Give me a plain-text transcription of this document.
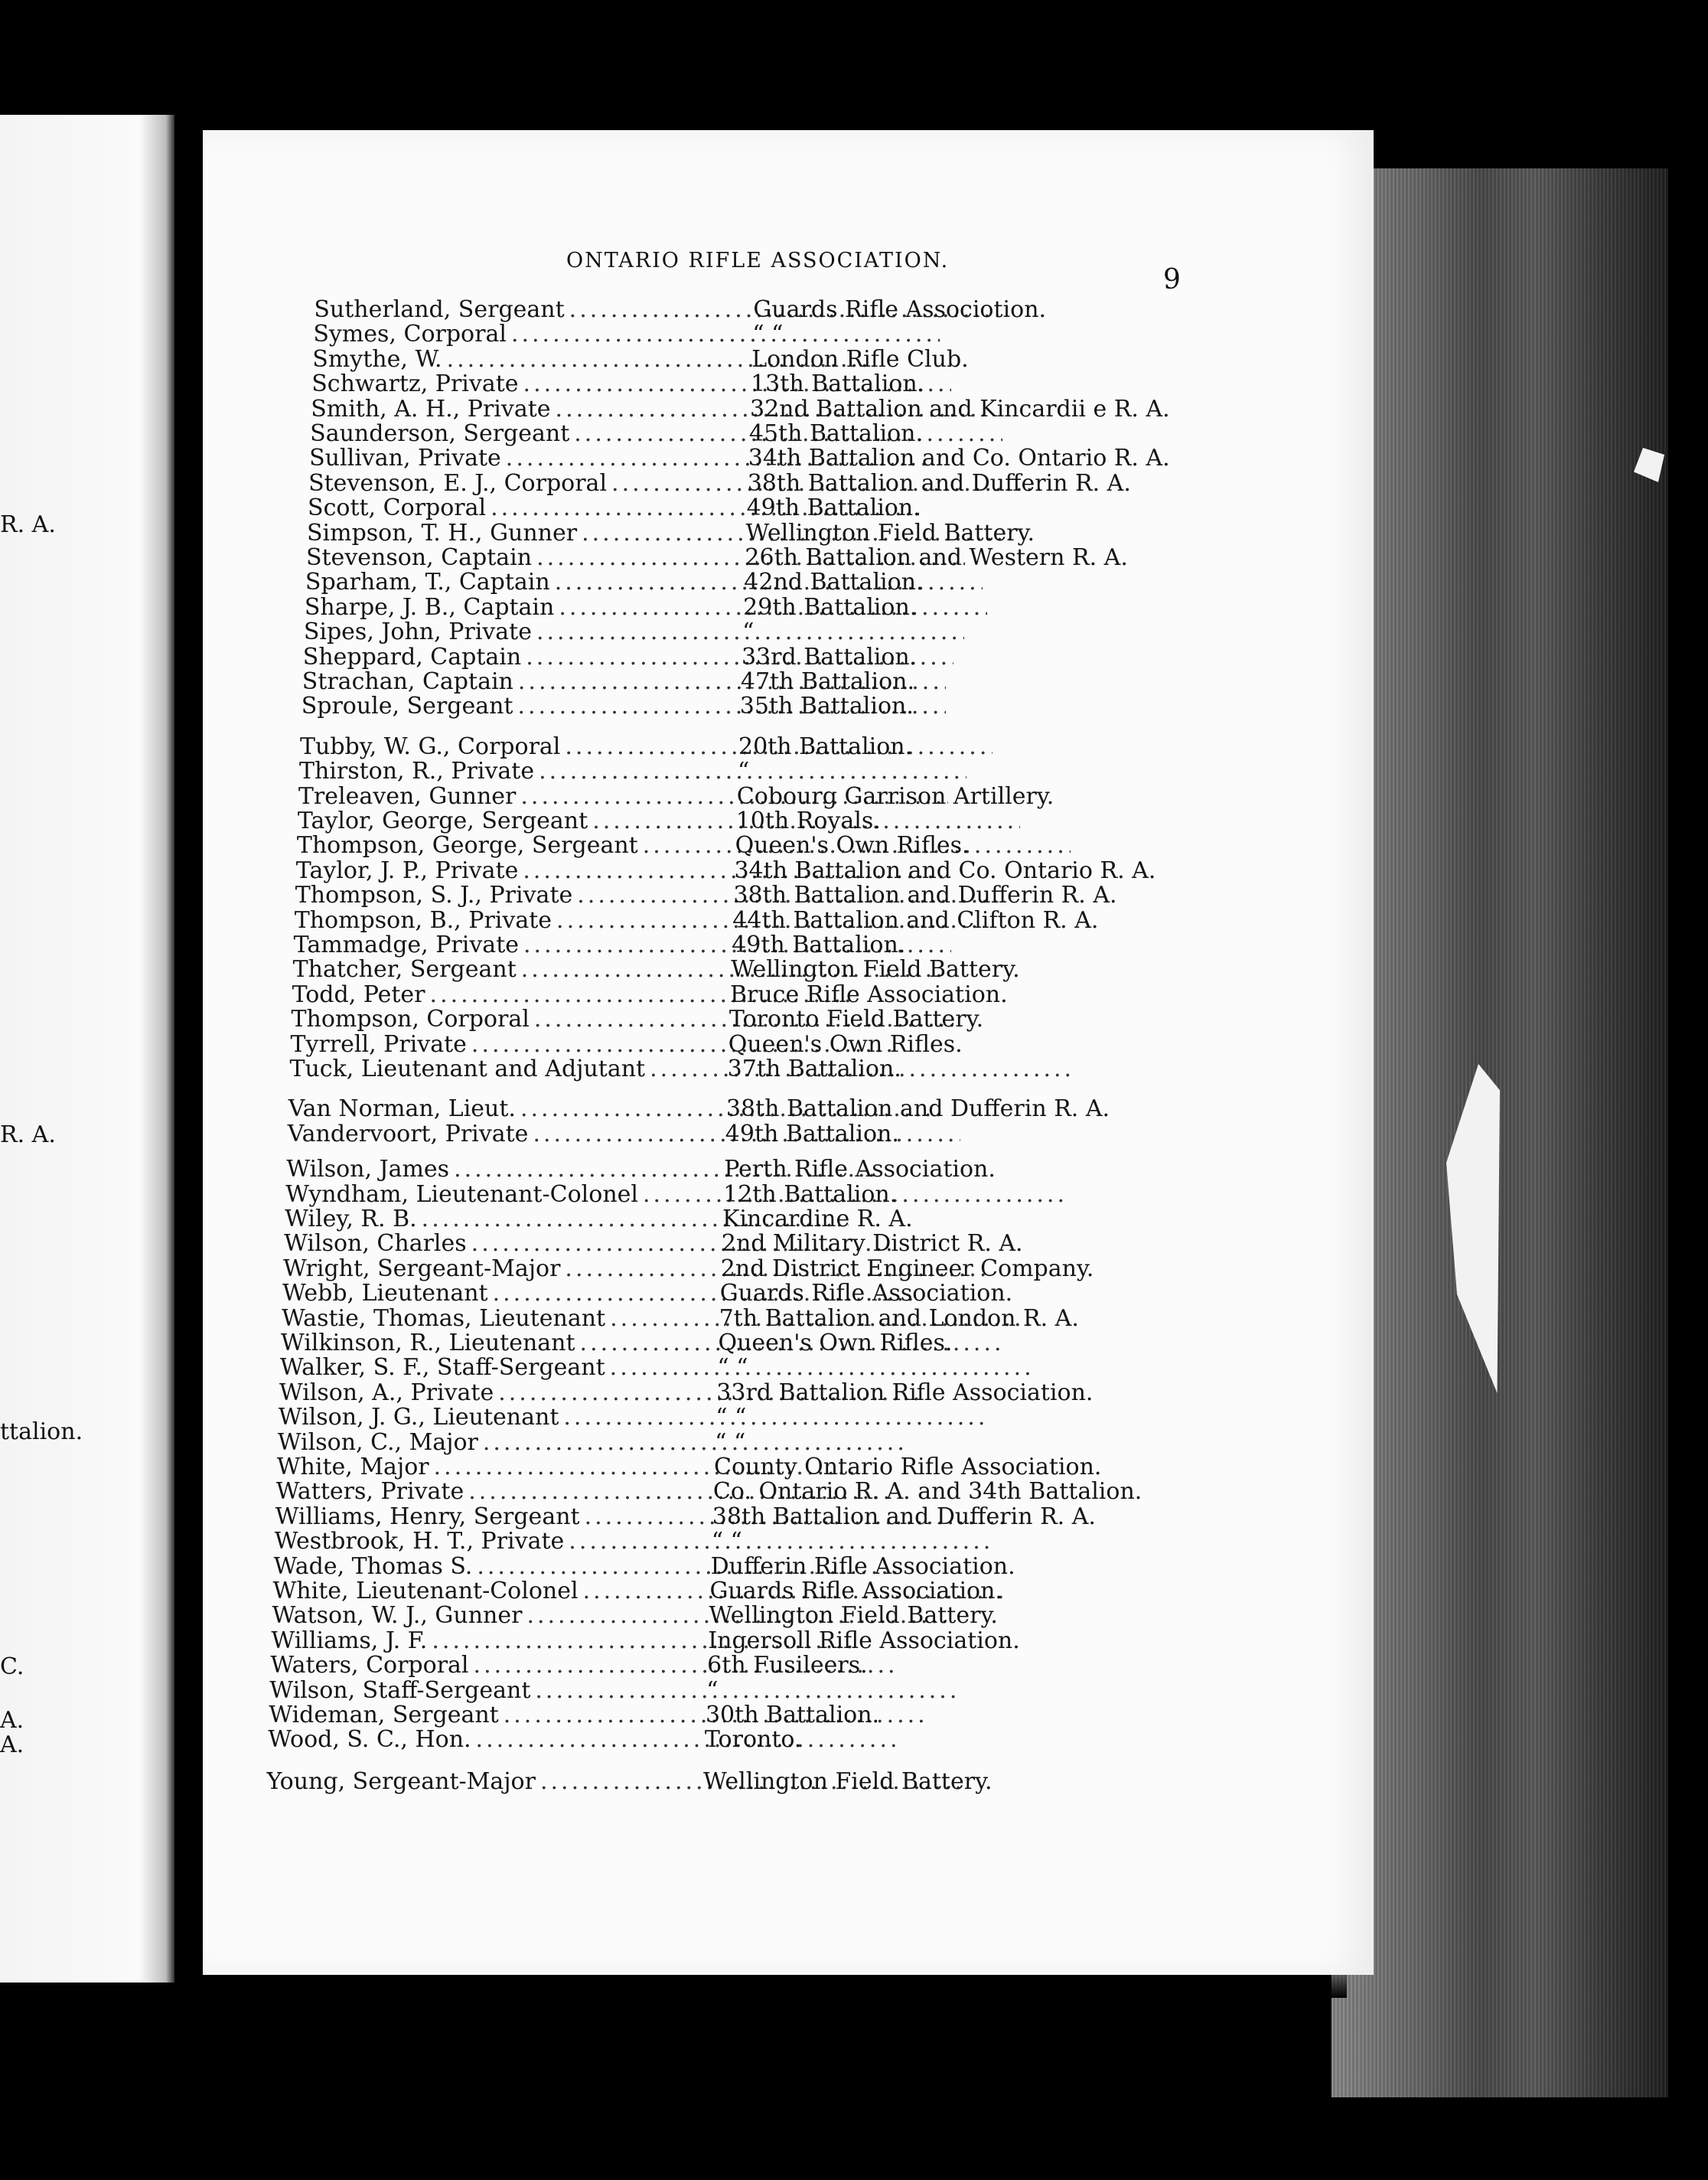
R. A.
R. A.
ttalion.
C.
A.
A.
ONTARIO RIFLE ASSOCIATION.
9
Sutherland, Sergeant .....	Guards Rifle Associotion.
Symes, Corporal .....	“ “
Smythe, W. .....	London Rifle Club.
Schwartz, Private .....	13th Battalion.
Smith, A. H., Private .....	32nd Battalion and Kincardii e R. A.
Saunderson, Sergeant .....	45th Battalion.
Sullivan, Private .....	34th Battalion and Co. Ontario R. A.
Stevenson, E. J., Corporal .....	38th Battalion and Dufferin R. A.
Scott, Corporal .....	49th Battalion.
Simpson, T. H., Gunner .....	Wellington Field Battery.
Stevenson, Captain .....	26th Battalion and Western R. A.
Sparham, T., Captain .....	42nd Battalion.
Sharpe, J. B., Captain .....	29th Battalion.
Sipes, John, Private .....	“
Sheppard, Captain .....	33rd Battalion.
Strachan, Captain .....	47th Battalion.
Sproule, Sergeant .....	35th Battalion.
Tubby, W. G., Corporal .....	20th Battalion.
Thirston, R., Private .....	“
Treleaven, Gunner .....	Cobourg Garrison Artillery.
Taylor, George, Sergeant .....	10th Royals.
Thompson, George, Sergeant .....	Queen's Own Rifles.
Taylor, J. P., Private .....	34th Battalion and Co. Ontario R. A.
Thompson, S. J., Private .....	38th Battalion and Dufferin R. A.
Thompson, B., Private .....	44th Battalion and Clifton R. A.
Tammadge, Private .....	49th Battalion.
Thatcher, Sergeant .....	Wellington Field Battery.
Todd, Peter .....	Bruce Rifle Association.
Thompson, Corporal .....	Toronto Field Battery.
Tyrrell, Private .....	Queen's Own Rifles.
Tuck, Lieutenant and Adjutant .....	37th Battalion.
Van Norman, Lieut. .....	38th Battalion and Dufferin R. A.
Vandervoort, Private .....	49th Battalion.
Wilson, James .....	Perth Rifle Association.
Wyndham, Lieutenant-Colonel .....	12th Battalion.
Wiley, R. B. .....	Kincardine R. A.
Wilson, Charles .....	2nd Military District R. A.
Wright, Sergeant-Major .....	2nd District Engineer Company.
Webb, Lieutenant .....	Guards Rifle Association.
Wastie, Thomas, Lieutenant .....	7th Battalion and London R. A.
Wilkinson, R., Lieutenant .....	Queen's Own Rifles.
Walker, S. F., Staff-Sergeant .....	“ “
Wilson, A., Private .....	33rd Battalion Rifle Association.
Wilson, J. G., Lieutenant .....	“ “
Wilson, C., Major .....	“ “
White, Major .....	County Ontario Rifle Association.
Watters, Private .....	Co. Ontario R. A. and 34th Battalion.
Williams, Henry, Sergeant .....	38th Battalion and Dufferin R. A.
Westbrook, H. T., Private .....	“ “
Wade, Thomas S. .....	Dufferin Rifle Association.
White, Lieutenant-Colonel .....	Guards Rifle Association.
Watson, W. J., Gunner .....	Wellington Field Battery.
Williams, J. F. .....	Ingersoll Rifle Association.
Waters, Corporal .....	6th Fusileers.
Wilson, Staff-Sergeant .....	“
Wideman, Sergeant .....	30th Battalion.
Wood, S. C., Hon. .....	Toronto.
Young, Sergeant-Major .....	Wellington Field Battery.
